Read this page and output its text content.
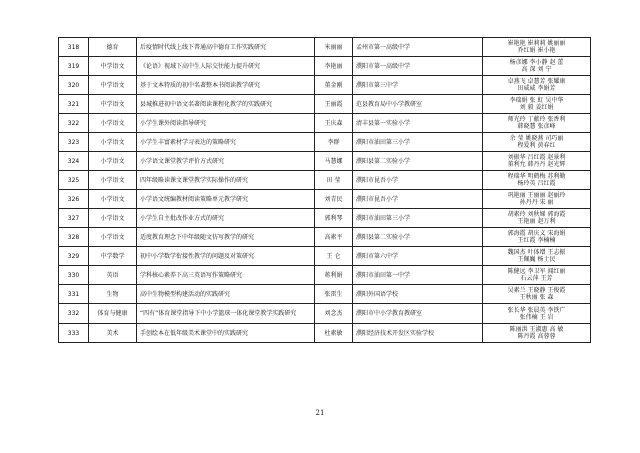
318	德育	后疫情时代线上线下普通高中德育工作实践研究	米丽丽	孟州市第一高级中学	崔艳艳 崔莉莉 姚丽丽
乔红娟 崔小艳

319	中学语文	《论语》视域下高中生人际交往能力提升研究	李艳丽	濮阳市第一高级中学	杨彦娜 李小静 赵 蕾
高 深 刘 宁

320	中学语文	基于文本特质的初中名著整本书阅读教学研究	董金刚	濮阳市第三中学	卓燕飞 卓慧芳 张耀康
田威威 李娟芳

321	中学语文	县城推进初中语文名著阅读课程化教学的实践研究	王丽霞	范县教育局中小学教研室	李瑞娟 张 虹 吴中华
刘 毅 姜红娟

322	小学语文	小学生课外阅读指导研究	王庆森	清丰县第一实验小学	师光玲 丁献玲 张香利
韩晓慧 张彦峰

323	小学语文	小学生丰富素材学习表达的策略研究	李群	濮阳市油田第三小学	余 莹 姚晓燕 司巧丽
程爱利 黄春红

324	小学语文	小学语文课堂教学评价方式研究	马慧娜	濮阳县第二实验小学	刘振华 吕红霞 赵景利
董利允 韩丹丹 赵光辉

325	小学语文	四年级略读课文课堂教学实际操作的研究	田 莹	濮阳市昆吾小学	程瑞华 明鹤梅 苏利勤
杨玲英 吕红霞

326	小学语文	小学语文统编教材阅读策略单元教学研究	刘青民	濮阳市昆吾小学	巩艳丽 王丽丽 赵丽玲
孙丹丹 宋 丽

327	小学语文	小学生自主批改作业方式的研究	郭利琴	濮阳市油田第三小学	胡素玲 刘秋娣 郭海霞
王艳丽 赵万利

328	小学语文	适度教育理念下中年级随文仿写教学的研究	高素平	濮阳县第二实验小学	郭海霞 胡庆义 宋海娟
王红霞 李楠楠

329	中学数学	初中小学数学衔接性教学的问题及对策研究	王 仑	濮阳市第六中学	魏国杰 叶体增 王志振
王佩巍 杨士民

330	英语	学科核心素养下高三英语写作策略研究	蒋利娟	濮阳市油田第一中学	陈健远 李卫军 闻红丽
石云萍 王芳

331	生物	高中生物模型构建活动的实践研究	张雷生	濮阳外国语学校	吴素兰 王晓静 王俊霞
王秋丽 张 森

332	体育与健康	“四有”体育课堂指导下中小学篮球一体化课堂教学实践研究	刘念杰	濮阳市中小学教育教研室	张长华 张晨英 李铁广
张伟楠 王 岩

333	美术	手创绘本在低年级美术课堂中的实践研究	杜素敏	濮阳经济技术开发区实验学校	陈丽洪 王淑惠 高 敏
陈丹霞 高蓉蓉
21
